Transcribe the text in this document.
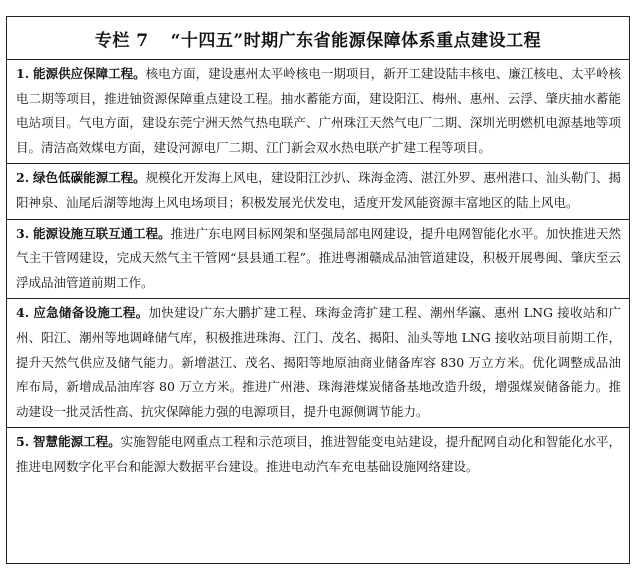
专栏 7 “十四五”时期广东省能源保障体系重点建设工程
1. 能源供应保障工程。核电方面，建设惠州太平岭核电一期项目，新开工建设陆丰核电、廉江核电、太平岭核电二期等项目，推进铀资源保障重点建设工程。抽水蓄能方面，建设阳江、梅州、惠州、云浮、肇庆抽水蓄能电站项目。气电方面，建设东莞宁洲天然气热电联产、广州珠江天然气电厂二期、深圳光明燃机电源基地等项目。清洁高效煤电方面，建设河源电厂二期、江门新会双水热电联产扩建工程等项目。
2. 绿色低碳能源工程。规模化开发海上风电，建设阳江沙扒、珠海金湾、湛江外罗、惠州港口、汕头勒门、揭阳神泉、汕尾后湖等地海上风电场项目；积极发展光伏发电，适度开发风能资源丰富地区的陆上风电。
3. 能源设施互联互通工程。推进广东电网目标网架和坚强局部电网建设，提升电网智能化水平。加快推进天然气主干管网建设，完成天然气主干管网“县县通工程”。推进粤湘赣成品油管道建设，积极开展粤闽、肇庆至云浮成品油管道前期工作。
4. 应急储备设施工程。加快建设广东大鹏扩建工程、珠海金湾扩建工程、潮州华瀛、惠州 LNG 接收站和广州、阳江、潮州等地调峰储气库，积极推进珠海、江门、茂名、揭阳、汕头等地 LNG 接收站项目前期工作，提升天然气供应及储气能力。新增湛江、茂名、揭阳等地原油商业储备库容 830 万立方米。优化调整成品油库布局，新增成品油库容 80 万立方米。推进广州港、珠海港煤炭储备基地改造升级，增强煤炭储备能力。推动建设一批灵活性高、抗灾保障能力强的电源项目，提升电源侧调节能力。
5. 智慧能源工程。实施智能电网重点工程和示范项目，推进智能变电站建设，提升配网自动化和智能化水平，推进电网数字化平台和能源大数据平台建设。推进电动汽车充电基础设施网络建设。
